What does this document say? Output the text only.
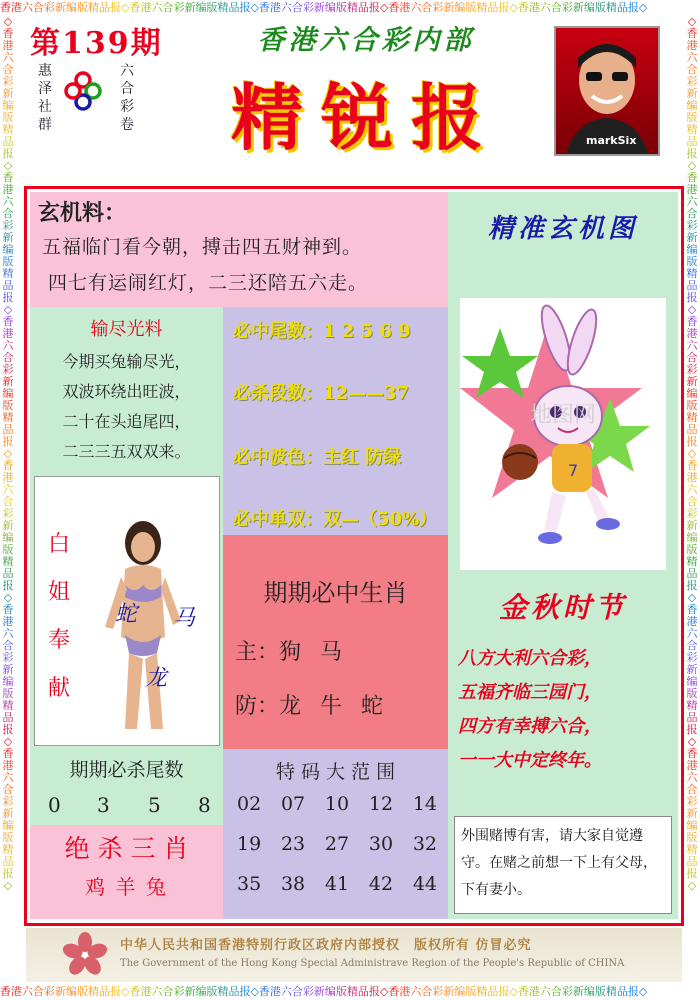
香港六合彩新编版精品报◇香港六合彩新编版精品报◇香港六合彩新编版精品报◇香港六合彩新编版精品报◇香港六合彩新编版精品报◇
香港六合彩新编版精品报◇香港六合彩新编版精品报◇香港六合彩新编版精品报◇香港六合彩新编版精品报◇香港六合彩新编版精品报◇
◇香港六合彩新编版精品报◇香港六合彩新编版精品报◇香港六合彩新编版精品报◇香港六合彩新编版精品报◇香港六合彩新编版精品报◇香港六合彩新编版精品报◇
◇香港六合彩新编版精品报◇香港六合彩新编版精品报◇香港六合彩新编版精品报◇香港六合彩新编版精品报◇香港六合彩新编版精品报◇香港六合彩新编版精品报◇
第139期
惠泽社群
六合彩卷
香港六合彩内部
精锐报	markSix
玄机料：
五福临门看今朝，搏击四五财神到。
四七有运闹红灯，二三还陪五六走。
输尽光料
今期买兔输尽光，
双波环绕出旺波，
二十在头追尾四，
二三三五双双来。
必中尾数：1 2 5 6 9
必杀段数：12——37
必中波色：主红 防绿
必中单双：双—（50%）
白
姐
奉
献
蛇 马
龙
期期必中生肖
主：狗 马
防：龙 牛 蛇
期期必杀尾数
0 3 5 8
绝 杀 三 肖
鸡 羊 兔
特 码 大 范 围
02 07 10 12 14
19 23 27 30 32
35 38 41 42 44
精准玄机图
7
地图网
金秋时节
八方大利六合彩，
五福齐临三园门，
四方有幸搏六合，
一一大中定终年。
外围赌博有害，请大家自觉遵守。在赌之前想一下上有父母，下有妻小。
中华人民共和国香港特别行政区政府内部授权　版权所有 仿冒必究
The Government of the Hong Kong Special Administrave Region of the People's Republic of CHINA
